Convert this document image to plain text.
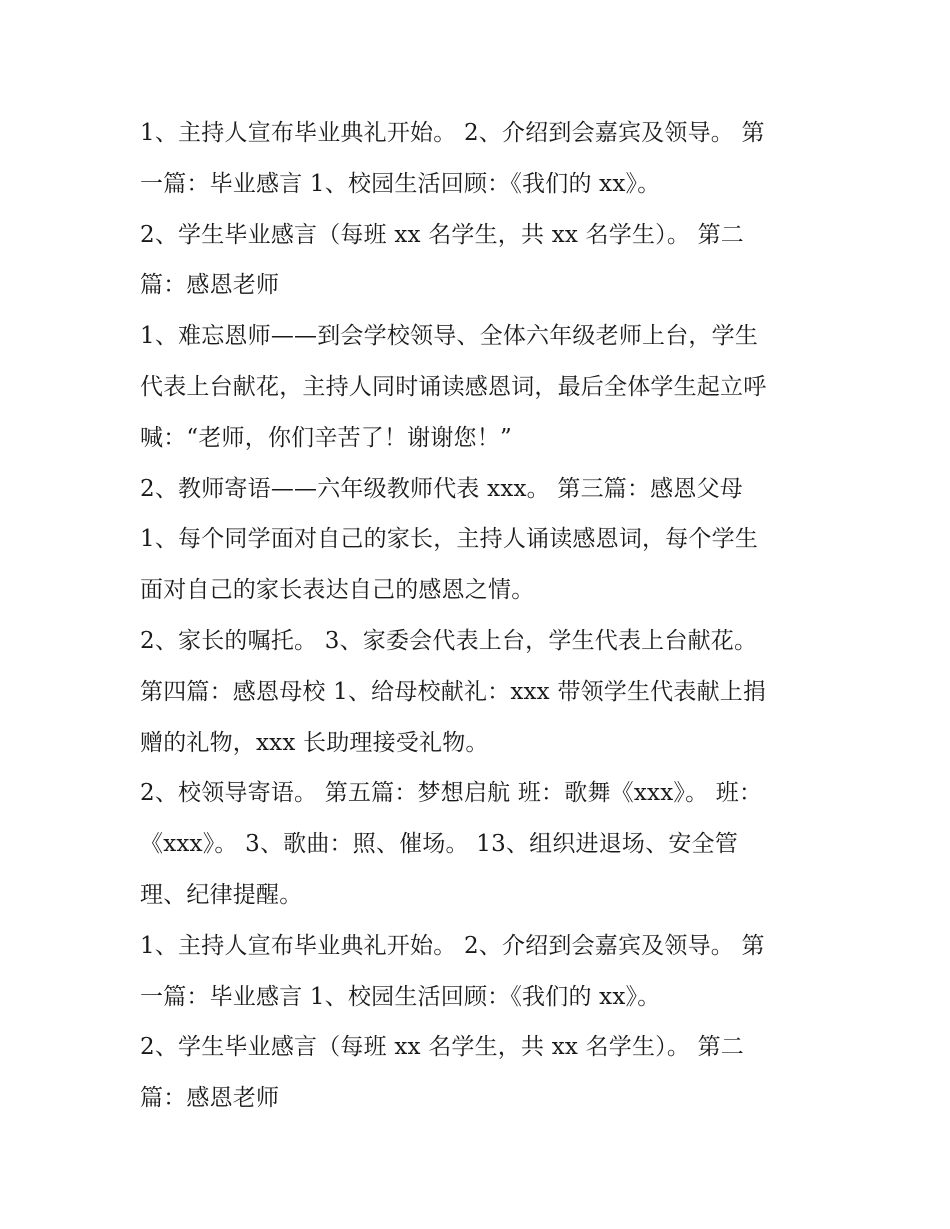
1、主持人宣布毕业典礼开始。 2、介绍到会嘉宾及领导。 第
一篇：毕业感言 1、校园生活回顾：《我们的 xx》。
2、学生毕业感言（每班 xx 名学生，共 xx 名学生）。 第二
篇：感恩老师
1、难忘恩师——到会学校领导、全体六年级老师上台，学生
代表上台献花，主持人同时诵读感恩词，最后全体学生起立呼
喊：“老师，你们辛苦了！谢谢您！”
2、教师寄语——六年级教师代表 xxx。 第三篇：感恩父母
1、每个同学面对自己的家长，主持人诵读感恩词，每个学生
面对自己的家长表达自己的感恩之情。
2、家长的嘱托。 3、家委会代表上台，学生代表上台献花。
第四篇：感恩母校 1、给母校献礼：xxx 带领学生代表献上捐
赠的礼物，xxx 长助理接受礼物。
2、校领导寄语。 第五篇：梦想启航 班：歌舞《xxx》。 班：
《xxx》。 3、歌曲：照、催场。 13、组织进退场、安全管
理、纪律提醒。
1、主持人宣布毕业典礼开始。 2、介绍到会嘉宾及领导。 第
一篇：毕业感言 1、校园生活回顾：《我们的 xx》。
2、学生毕业感言（每班 xx 名学生，共 xx 名学生）。 第二
篇：感恩老师
